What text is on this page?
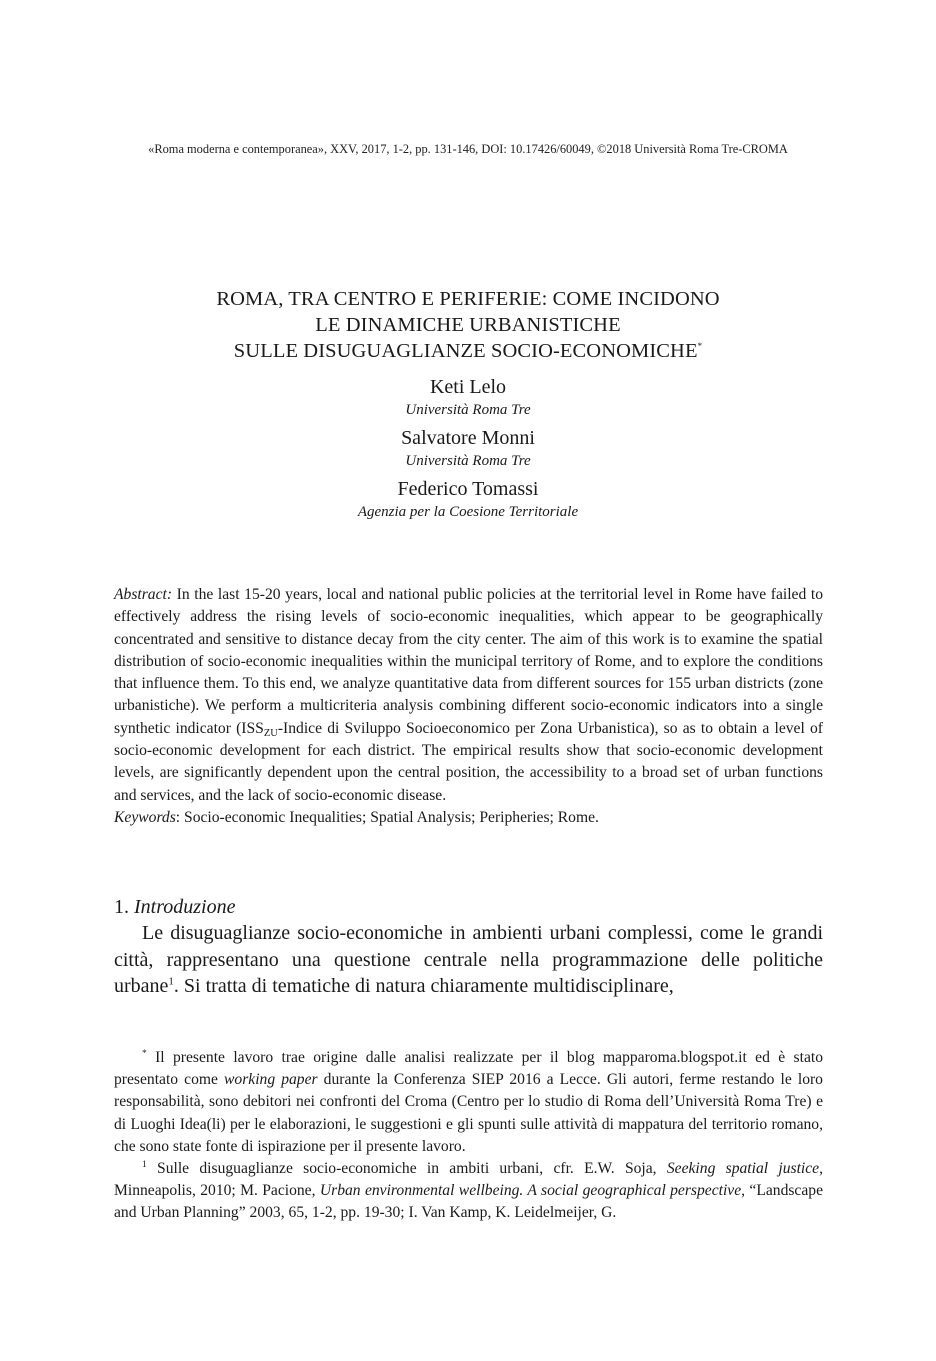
«Roma moderna e contemporanea», XXV, 2017, 1-2, pp. 131-146, DOI: 10.17426/60049, ©2018 Università Roma Tre-CROMA
ROMA, TRA CENTRO E PERIFERIE: COME INCIDONO
LE DINAMICHE URBANISTICHE
SULLE DISUGUAGLIANZE SOCIO-ECONOMICHE*
Keti Lelo
Università Roma Tre
Salvatore Monni
Università Roma Tre
Federico Tomassi
Agenzia per la Coesione Territoriale

Abstract: In the last 15-20 years, local and national public policies at the territorial level in Rome have failed to effectively address the rising levels of socio-economic inequalities, which appear to be geographically concentrated and sensitive to distance decay from the city center. The aim of this work is to examine the spatial distribution of socio-economic inequalities within the municipal territory of Rome, and to explore the conditions that influence them. To this end, we analyze quantitative data from different sources for 155 urban districts (zone urbanistiche). We perform a multicriteria analysis combining different socio-economic indicators into a single synthetic indicator ($ISS_{ZU}$-Indice di Sviluppo Socioeconomico per Zona Urbanistica), so as to obtain a level of socio-economic development for each district. The empirical results show that socio-economic development levels, are significantly dependent upon the central position, the accessibility to a broad set of urban functions and services, and the lack of socio-economic disease.

Keywords: Socio-economic Inequalities; Spatial Analysis; Peripheries; Rome.

1. Introduzione

Le disuguaglianze socio-economiche in ambienti urbani complessi, come le grandi città, rappresentano una questione centrale nella programmazione delle politiche urbane$^1$. Si tratta di tematiche di natura chiaramente multidisciplinare,

* Il presente lavoro trae origine dalle analisi realizzate per il blog mapparoma.blogspot.it ed è stato presentato come working paper durante la Conferenza SIEP 2016 a Lecce. Gli autori, ferme restando le loro responsabilità, sono debitori nei confronti del Croma (Centro per lo studio di Roma dell’Università Roma Tre) e di Luoghi Idea(li) per le elaborazioni, le suggestioni e gli spunti sulle attività di mappatura del territorio romano, che sono state fonte di ispirazione per il presente lavoro.

$^1$ Sulle disuguaglianze socio-economiche in ambiti urbani, cfr. E.W. Soja, Seeking spatial justice, Minneapolis, 2010; M. Pacione, Urban environmental wellbeing. A social geographical perspective, “Landscape and Urban Planning” 2003, 65, 1-2, pp. 19-30; I. Van Kamp, K. Leidelmeijer, G.
